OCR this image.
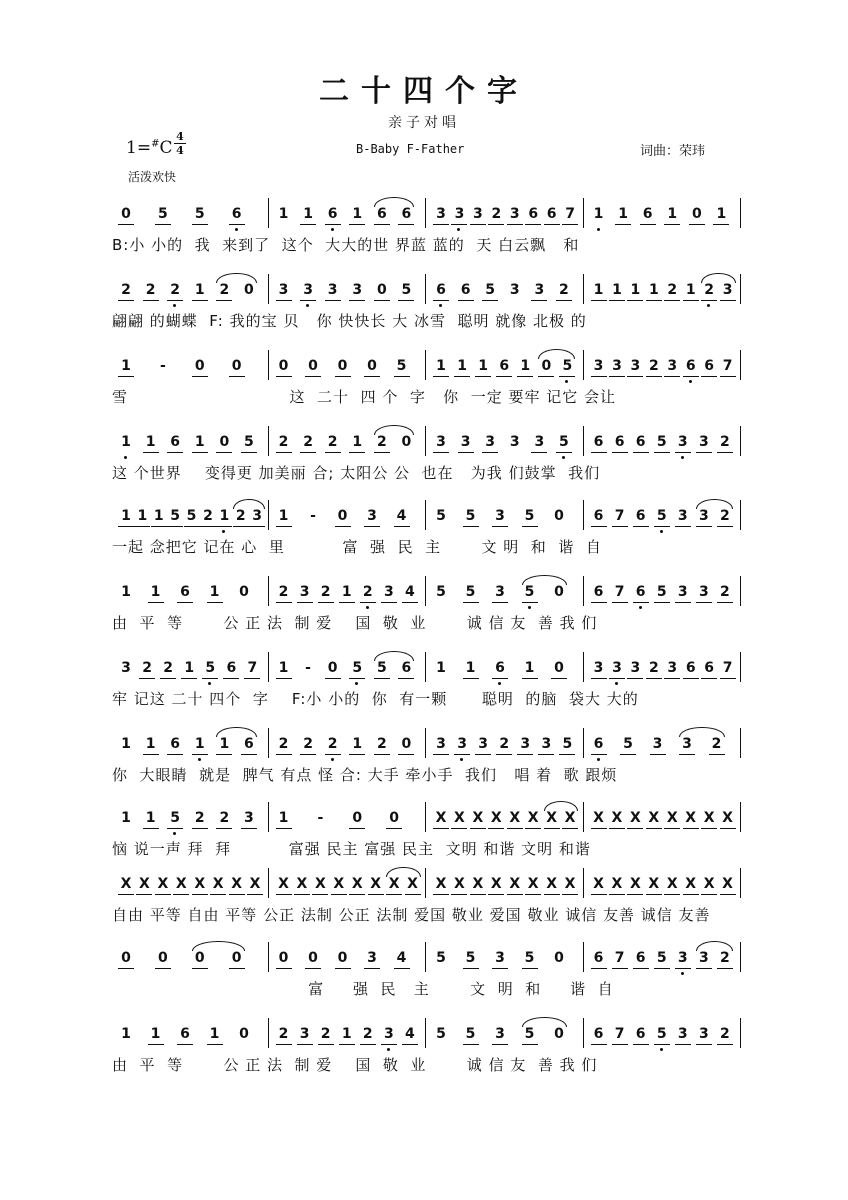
二十四个字
亲子对唱
1=#C
4
4	B-Baby F-Father	词曲：荣玮
活泼欢快
0 5 5 6	1 1 6 1 6 6 3 3 3 2 3 6 6 7 1 1 6 1 0 1
B:小 小的  我  来到了  这个  大大的世 界蓝 蓝的  天 白云飘   和
2 2 2 1 2 0 3 3 3 3 0 5 6 6 5 3 3 2 1 1 1 1 2 1 2 3
翩翩 的蝴蝶  F: 我的宝 贝   你 快快长 大 冰雪  聪明 就像 北极 的
1	-	0 0	0 0 0 0 5 1 1 1 6 1 0 5 3 3 3 2 3 6 6 7
雪                            这  二十  四 个  字   你  一定 要牢 记它 会让
1 1 6 1 0 5 2 2 2 1 2 0 3 3 3 3 3 5 6 6 6 5 3 3 2
这 个世界    变得更 加美丽 合; 太阳公 公  也在   为我 们鼓掌  我们
1 1 1 5 5 2 1 2 3 1	-	0 3 4 5 5 3 5 0 6 7 6 5 3 3 2
一起 念把它 记在 心  里          富  强  民  主       文 明  和  谐  自
1 1 6 1 0 2 3 2 1 2 3 4 5 5 3 5 0 6 7 6 5 3 3 2
由  平  等       公 正 法  制 爱    国  敬  业       诚 信 友  善 我 们
3 2 2 1 5 6 7 1	-	0 5 5 6 1 1 6 1 0 3 3 3 2 3 6 6 7
牢 记这 二十 四个  字    F:小 小的  你  有一颗      聪明  的脑  袋大 大的
1 1 6 1 1 6 2 2 2 1 2 0 3 3 3 2 3 3 5 6 5 3 3 2
你  大眼睛  就是  脾气 有点 怪 合: 大手 牵小手  我们   唱 着  歌 跟烦
1 1 5 2 2 3 1	-	0 0	X X X X X X X X X X X X X X X X
恼 说一声 拜  拜          富强 民主 富强 民主  文明 和谐 文明 和谐
X X X X X X X X X X X X X X X X X X X X X X X X X X X X X X X X
自由 平等 自由 平等 公正 法制 公正 法制 爱国 敬业 爱国 敬业 诚信 友善 诚信 友善
0 0 0 0	0 0 0 3 4 5 5 3 5 0 6 7 6 5 3 3 2
富     强  民   主       文  明  和     谐  自
1 1 6 1 0 2 3 2 1 2 3 4 5 5 3 5 0 6 7 6 5 3 3 2
由  平  等       公 正 法  制 爱    国  敬  业       诚 信 友  善 我 们
